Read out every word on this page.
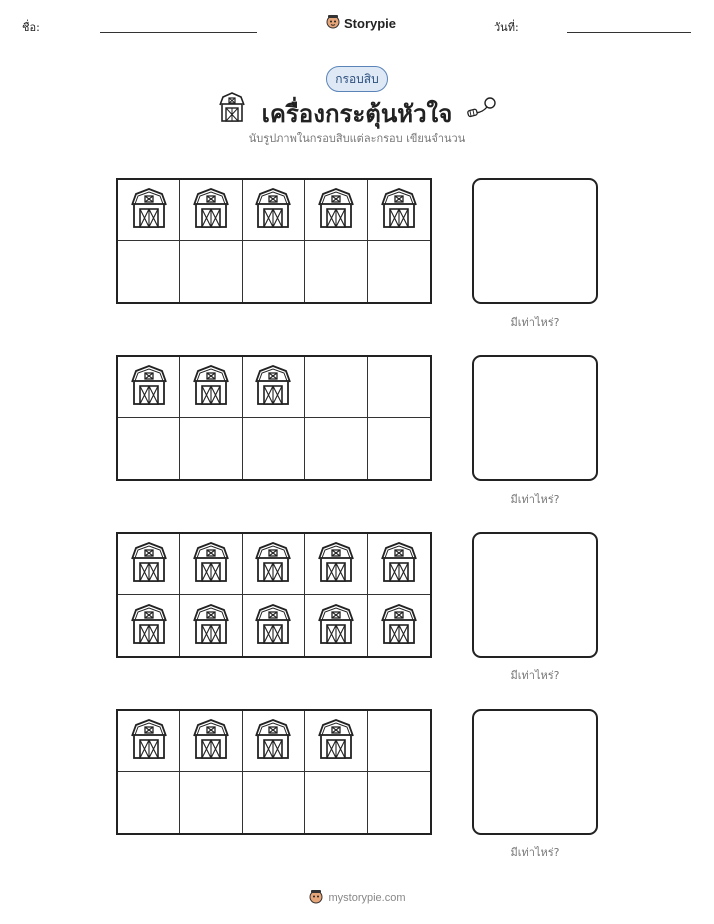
ชื่อ:	Storypie	วันที่:
กรอบสิบ
เครื่องกระตุ้นหัวใจ
นับรูปภาพในกรอบสิบแต่ละกรอบ เขียนจำนวน
มีเท่าไหร่?
มีเท่าไหร่?
มีเท่าไหร่?
มีเท่าไหร่?
mystorypie.com
